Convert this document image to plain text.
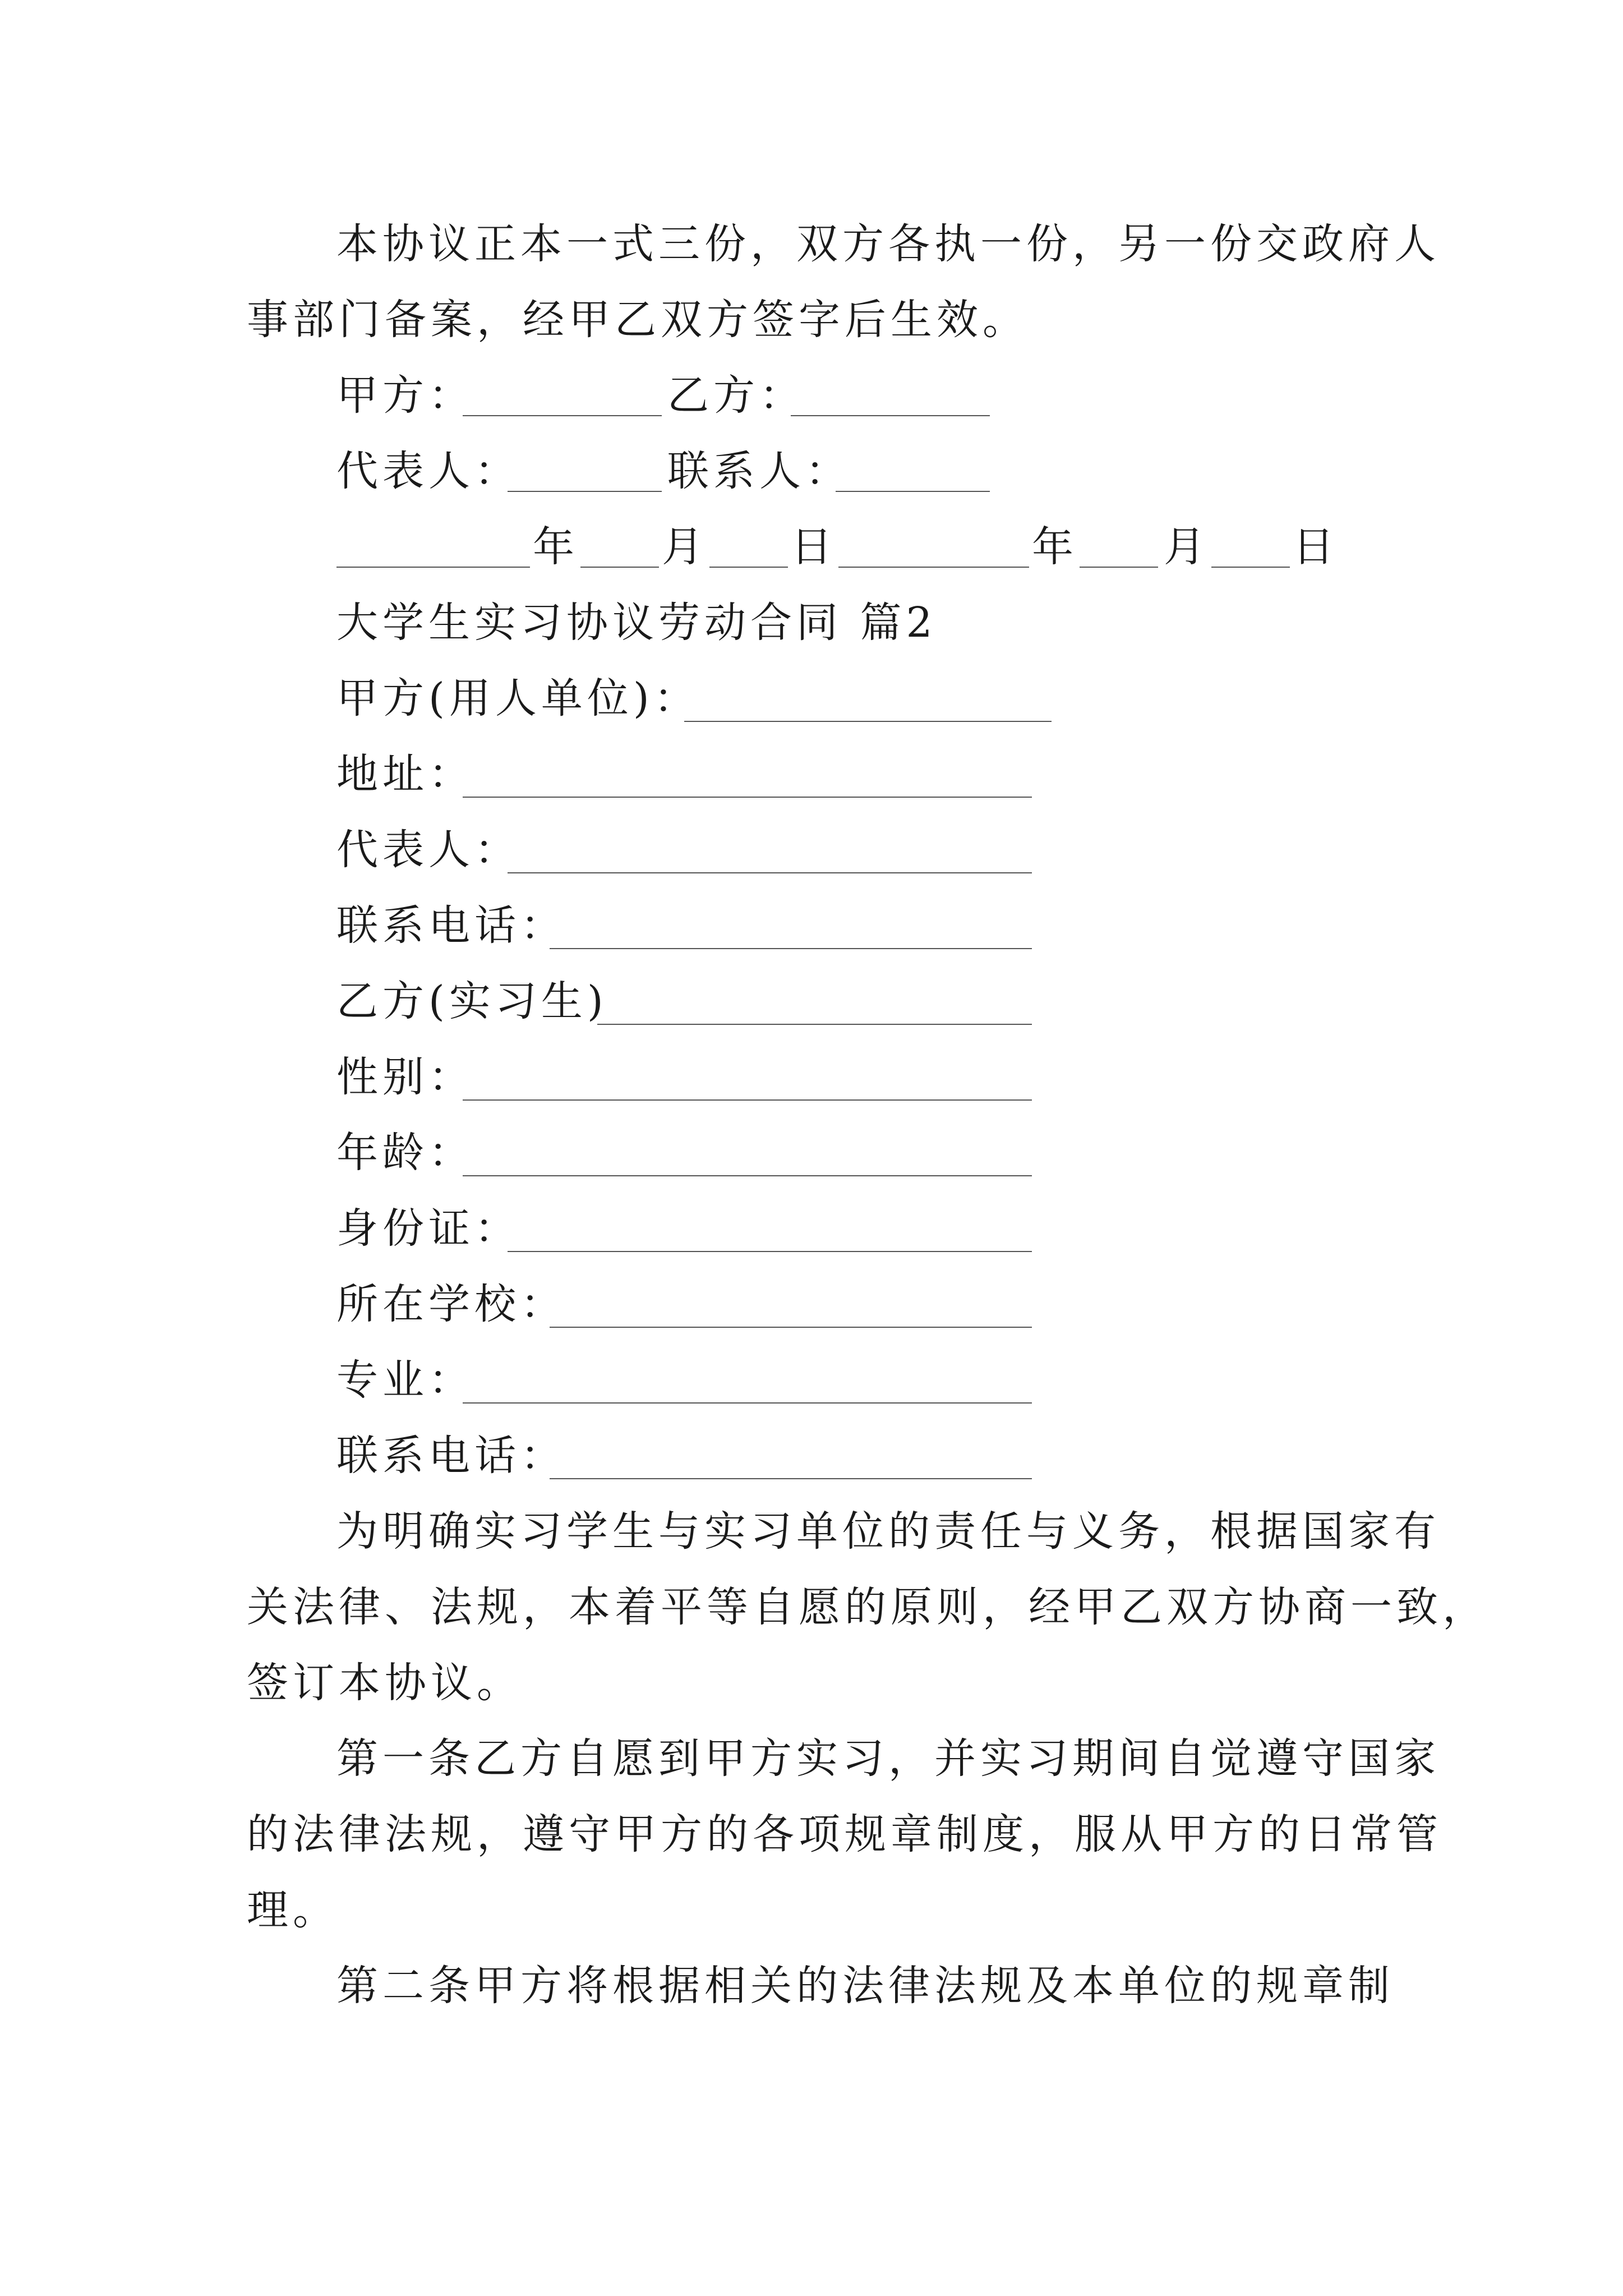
本协议正本一式三份，双方各执一份，另一份交政府人
事部门备案，经甲乙双方签字后生效。
甲方：	乙方：
代表人：	联系人：
年 月 日	年 月 日
大学生实习协议劳动合同 篇2
甲方(用人单位)：
地址：
代表人：
联系电话：
乙方(实习生)
性别：
年龄：
身份证：
所在学校：
专业：
联系电话：
为明确实习学生与实习单位的责任与义务，根据国家有
关法律、法规，本着平等自愿的原则，经甲乙双方协商一致，
签订本协议。
第一条乙方自愿到甲方实习，并实习期间自觉遵守国家
的法律法规，遵守甲方的各项规章制度，服从甲方的日常管
理。
第二条甲方将根据相关的法律法规及本单位的规章制
